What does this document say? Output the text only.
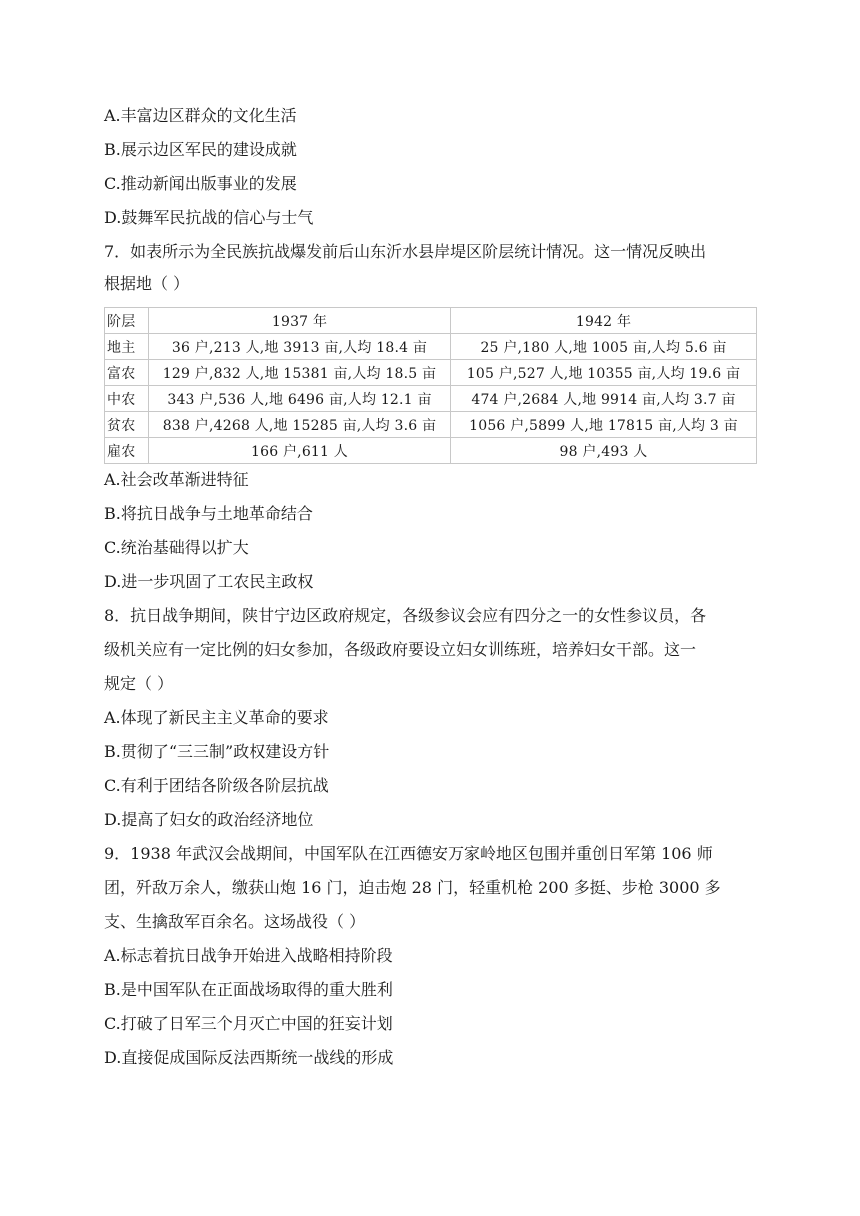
A.丰富边区群众的文化生活
B.展示边区军民的建设成就
C.推动新闻出版事业的发展
D.鼓舞军民抗战的信心与士气
7．如表所示为全民族抗战爆发前后山东沂水县岸堤区阶层统计情况。这一情况反映出
根据地（ ）
阶层	1937 年	1942 年
地主	36 户,213 人,地 3913 亩,人均 18.4 亩	25 户,180 人,地 1005 亩,人均 5.6 亩
富农	129 户,832 人,地 15381 亩,人均 18.5 亩	105 户,527 人,地 10355 亩,人均 19.6 亩
中农	343 户,536 人,地 6496 亩,人均 12.1 亩	474 户,2684 人,地 9914 亩,人均 3.7 亩
贫农	838 户,4268 人,地 15285 亩,人均 3.6 亩	1056 户,5899 人,地 17815 亩,人均 3 亩
雇农	166 户,611 人	98 户,493 人
A.社会改革渐进特征
B.将抗日战争与土地革命结合
C.统治基础得以扩大
D.进一步巩固了工农民主政权
8．抗日战争期间，陕甘宁边区政府规定，各级参议会应有四分之一的女性参议员，各
级机关应有一定比例的妇女参加，各级政府要设立妇女训练班，培养妇女干部。这一
规定（ ）
A.体现了新民主主义革命的要求
B.贯彻了“三三制”政权建设方针
C.有利于团结各阶级各阶层抗战
D.提高了妇女的政治经济地位
9．1938 年武汉会战期间，中国军队在江西德安万家岭地区包围并重创日军第 106 师
团，歼敌万余人，缴获山炮 16 门，迫击炮 28 门，轻重机枪 200 多挺、步枪 3000 多
支、生擒敌军百余名。这场战役（ ）
A.标志着抗日战争开始进入战略相持阶段
B.是中国军队在正面战场取得的重大胜利
C.打破了日军三个月灭亡中国的狂妄计划
D.直接促成国际反法西斯统一战线的形成
